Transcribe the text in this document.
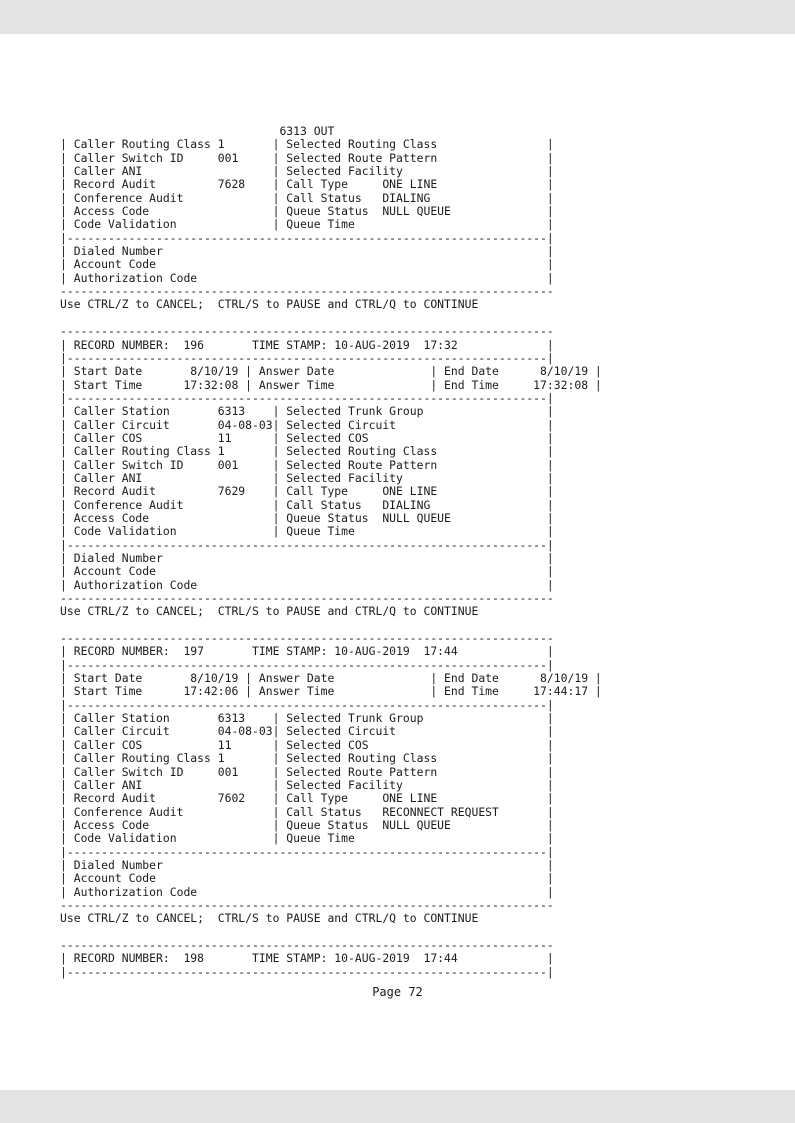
6313 OUT
| Caller Routing Class 1       | Selected Routing Class                |
| Caller Switch ID     001     | Selected Route Pattern                |
| Caller ANI                   | Selected Facility                     |
| Record Audit         7628    | Call Type     ONE LINE                |
| Conference Audit             | Call Status   DIALING                 |
| Access Code                  | Queue Status  NULL QUEUE              |
| Code Validation              | Queue Time                            |
|----------------------------------------------------------------------|
| Dialed Number                                                        |
| Account Code                                                         |
| Authorization Code                                                   |
------------------------------------------------------------------------
Use CTRL/Z to CANCEL;  CTRL/S to PAUSE and CTRL/Q to CONTINUE

------------------------------------------------------------------------
| RECORD NUMBER:  196       TIME STAMP: 10-AUG-2019  17:32             |
|----------------------------------------------------------------------|
| Start Date       8/10/19 | Answer Date              | End Date      8/10/19 |
| Start Time      17:32:08 | Answer Time              | End Time     17:32:08 |
|----------------------------------------------------------------------|
| Caller Station       6313    | Selected Trunk Group                  |
| Caller Circuit       04-08-03| Selected Circuit                      |
| Caller COS           11      | Selected COS                          |
| Caller Routing Class 1       | Selected Routing Class                |
| Caller Switch ID     001     | Selected Route Pattern                |
| Caller ANI                   | Selected Facility                     |
| Record Audit         7629    | Call Type     ONE LINE                |
| Conference Audit             | Call Status   DIALING                 |
| Access Code                  | Queue Status  NULL QUEUE              |
| Code Validation              | Queue Time                            |
|----------------------------------------------------------------------|
| Dialed Number                                                        |
| Account Code                                                         |
| Authorization Code                                                   |
------------------------------------------------------------------------
Use CTRL/Z to CANCEL;  CTRL/S to PAUSE and CTRL/Q to CONTINUE

------------------------------------------------------------------------
| RECORD NUMBER:  197       TIME STAMP: 10-AUG-2019  17:44             |
|----------------------------------------------------------------------|
| Start Date       8/10/19 | Answer Date              | End Date      8/10/19 |
| Start Time      17:42:06 | Answer Time              | End Time     17:44:17 |
|----------------------------------------------------------------------|
| Caller Station       6313    | Selected Trunk Group                  |
| Caller Circuit       04-08-03| Selected Circuit                      |
| Caller COS           11      | Selected COS                          |
| Caller Routing Class 1       | Selected Routing Class                |
| Caller Switch ID     001     | Selected Route Pattern                |
| Caller ANI                   | Selected Facility                     |
| Record Audit         7602    | Call Type     ONE LINE                |
| Conference Audit             | Call Status   RECONNECT REQUEST       |
| Access Code                  | Queue Status  NULL QUEUE              |
| Code Validation              | Queue Time                            |
|----------------------------------------------------------------------|
| Dialed Number                                                        |
| Account Code                                                         |
| Authorization Code                                                   |
------------------------------------------------------------------------
Use CTRL/Z to CANCEL;  CTRL/S to PAUSE and CTRL/Q to CONTINUE

------------------------------------------------------------------------
| RECORD NUMBER:  198       TIME STAMP: 10-AUG-2019  17:44             |
|----------------------------------------------------------------------|
Page 72
